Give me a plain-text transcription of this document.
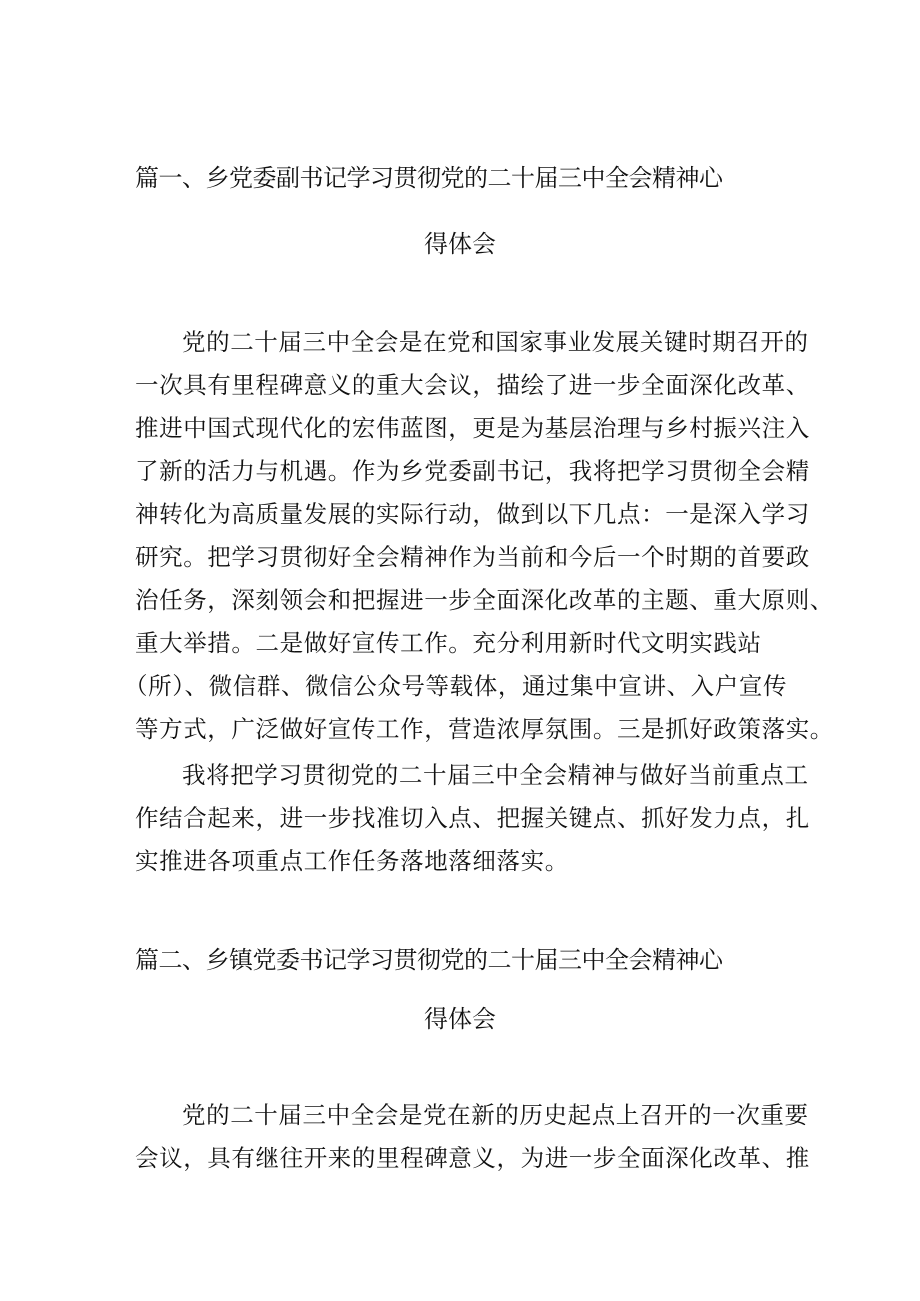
篇一、乡党委副书记学习贯彻党的二十届三中全会精神心
得体会
党的二十届三中全会是在党和国家事业发展关键时期召开的
一次具有里程碑意义的重大会议，描绘了进一步全面深化改革、
推进中国式现代化的宏伟蓝图，更是为基层治理与乡村振兴注入
了新的活力与机遇。作为乡党委副书记，我将把学习贯彻全会精
神转化为高质量发展的实际行动，做到以下几点：一是深入学习
研究。把学习贯彻好全会精神作为当前和今后一个时期的首要政
治任务，深刻领会和把握进一步全面深化改革的主题、重大原则、
重大举措。二是做好宣传工作。充分利用新时代文明实践站
（所）、微信群、微信公众号等载体，通过集中宣讲、入户宣传
等方式，广泛做好宣传工作，营造浓厚氛围。三是抓好政策落实。
我将把学习贯彻党的二十届三中全会精神与做好当前重点工
作结合起来，进一步找准切入点、把握关键点、抓好发力点，扎
实推进各项重点工作任务落地落细落实。
篇二、乡镇党委书记学习贯彻党的二十届三中全会精神心
得体会
党的二十届三中全会是党在新的历史起点上召开的一次重要
会议，具有继往开来的里程碑意义，为进一步全面深化改革、推
